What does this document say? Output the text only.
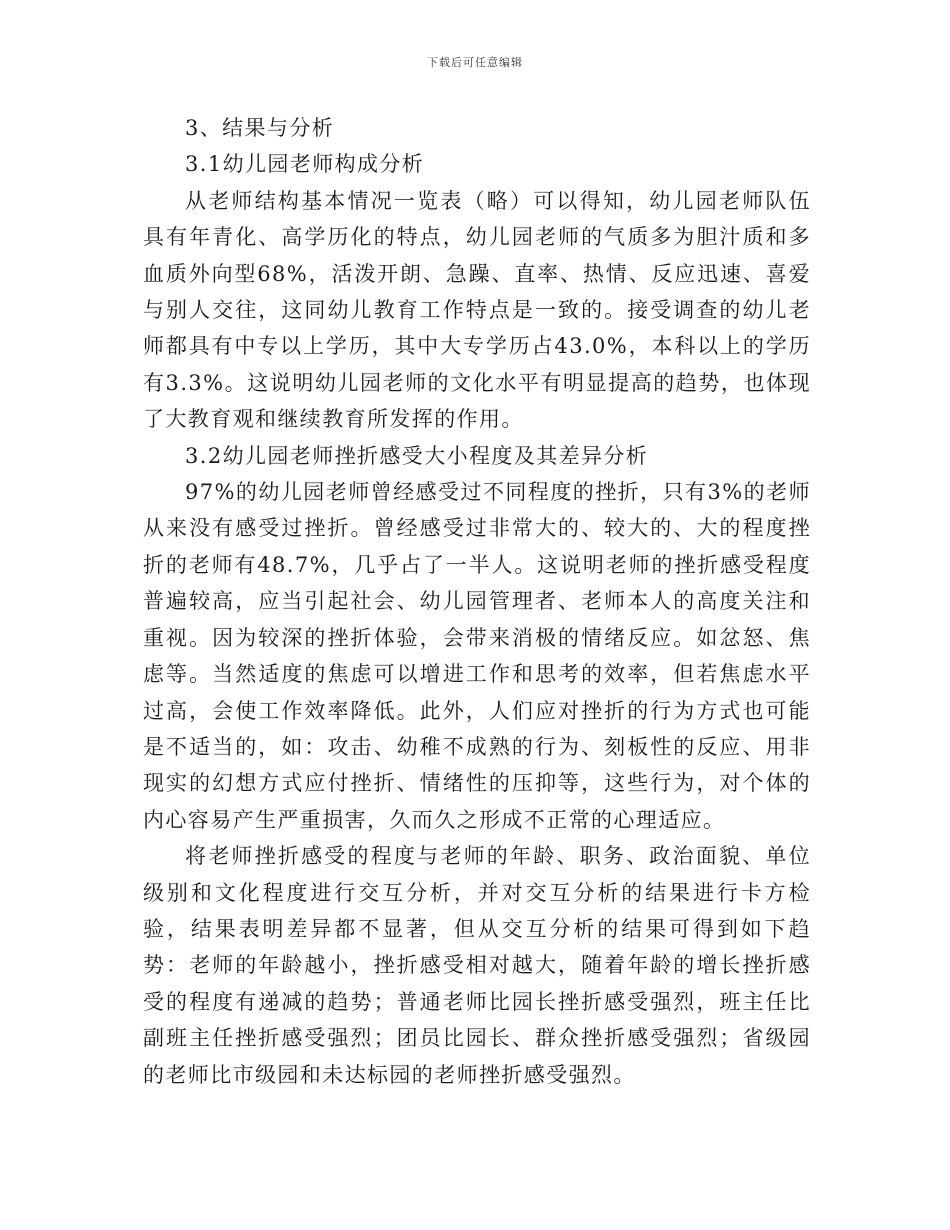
下载后可任意编辑

3、结果与分析

3.1幼儿园老师构成分析

从老师结构基本情况一览表（略）可以得知，幼儿园老师队伍具有年青化、高学历化的特点，幼儿园老师的气质多为胆汁质和多血质外向型68%，活泼开朗、急躁、直率、热情、反应迅速、喜爱与别人交往，这同幼儿教育工作特点是一致的。接受调查的幼儿老师都具有中专以上学历，其中大专学历占43.0%，本科以上的学历有3.3%。这说明幼儿园老师的文化水平有明显提高的趋势，也体现了大教育观和继续教育所发挥的作用。

3.2幼儿园老师挫折感受大小程度及其差异分析

97%的幼儿园老师曾经感受过不同程度的挫折，只有3%的老师从来没有感受过挫折。曾经感受过非常大的、较大的、大的程度挫折的老师有48.7%，几乎占了一半人。这说明老师的挫折感受程度普遍较高，应当引起社会、幼儿园管理者、老师本人的高度关注和重视。因为较深的挫折体验，会带来消极的情绪反应。如忿怒、焦虑等。当然适度的焦虑可以增进工作和思考的效率，但若焦虑水平过高，会使工作效率降低。此外，人们应对挫折的行为方式也可能是不适当的，如：攻击、幼稚不成熟的行为、刻板性的反应、用非现实的幻想方式应付挫折、情绪性的压抑等，这些行为，对个体的内心容易产生严重损害，久而久之形成不正常的心理适应。

将老师挫折感受的程度与老师的年龄、职务、政治面貌、单位级别和文化程度进行交互分析，并对交互分析的结果进行卡方检验，结果表明差异都不显著，但从交互分析的结果可得到如下趋势：老师的年龄越小，挫折感受相对越大，随着年龄的增长挫折感受的程度有递减的趋势；普通老师比园长挫折感受强烈，班主任比副班主任挫折感受强烈；团员比园长、群众挫折感受强烈；省级园的老师比市级园和未达标园的老师挫折感受强烈。
